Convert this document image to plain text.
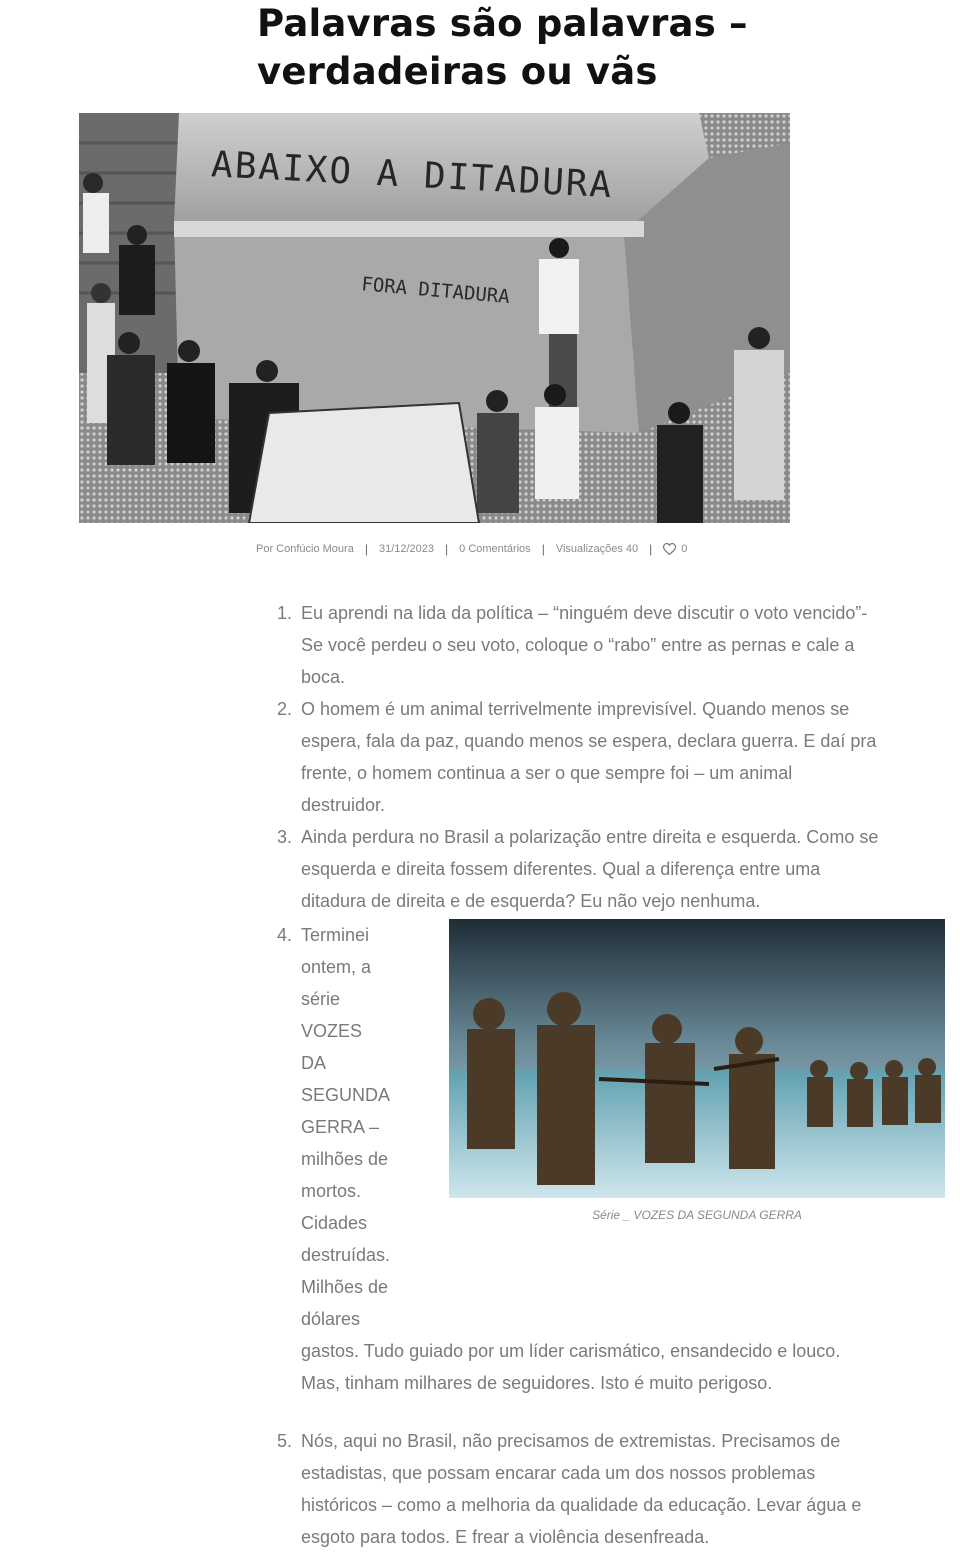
Palavras são palavras –
verdadeiras ou vãs
ABAIXO A DITADURA
FORA DITADURA
Por Confúcio Moura | 31/12/2023 | 0 Comentários | Visualizações 40 |	0
1. Eu aprendi na lida da política – “ninguém deve discutir o voto vencido”-
Se você perdeu o seu voto, coloque o “rabo” entre as pernas e cale a
boca.
2. O homem é um animal terrivelmente imprevisível. Quando menos se
espera, fala da paz, quando menos se espera, declara guerra. E daí pra
frente, o homem continua a ser o que sempre foi – um animal
destruidor.
3. Ainda perdura no Brasil a polarização entre direita e esquerda. Como se
esquerda e direita fossem diferentes. Qual a diferença entre uma
ditadura de direita e de esquerda? Eu não vejo nenhuma.
4.
Série _ VOZES DA SEGUNDA GERRA
Terminei
ontem, a
série VOZES
DA
SEGUNDA
GERRA –
milhões de
mortos.
Cidades
destruídas.
Milhões de
dólares
gastos. Tudo guiado por um líder carismático, ensandecido e louco.
Mas, tinham milhares de seguidores. Isto é muito perigoso.
5. Nós, aqui no Brasil, não precisamos de extremistas. Precisamos de
estadistas, que possam encarar cada um dos nossos problemas
históricos – como a melhoria da qualidade da educação. Levar água e
esgoto para todos. E frear a violência desenfreada.
